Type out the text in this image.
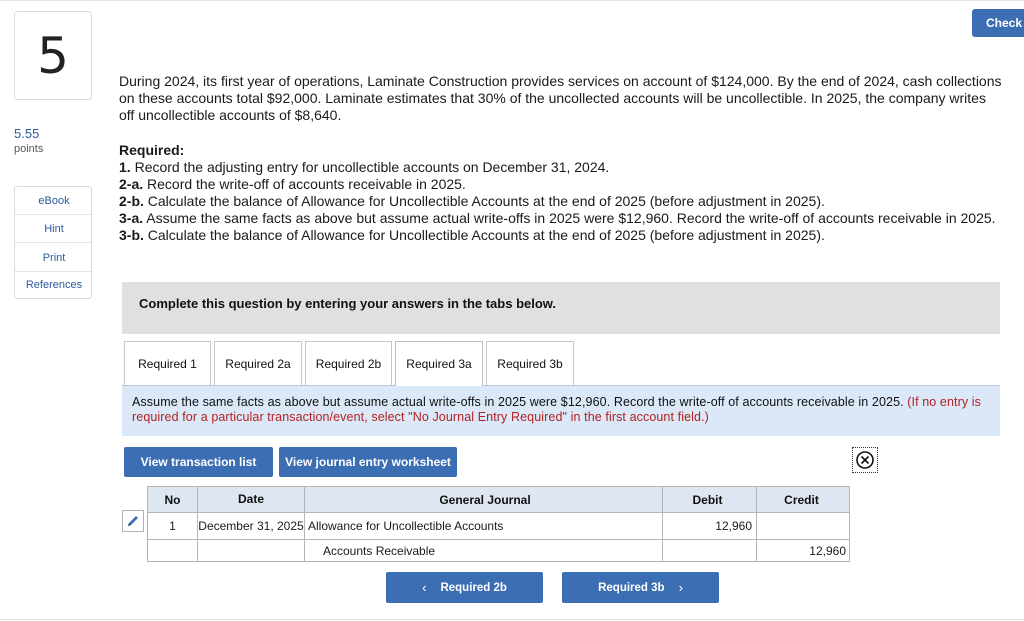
5
5.55
points
eBook
Hint
Print
References
Check
During 2024, its first year of operations, Laminate Construction provides services on account of $124,000. By the end of 2024, cash collections on these accounts total $92,000. Laminate estimates that 30% of the uncollected accounts will be uncollectible. In 2025, the company writes off uncollectible accounts of $8,640.
Required:
1. Record the adjusting entry for uncollectible accounts on December 31, 2024.
2-a. Record the write-off of accounts receivable in 2025.
2-b. Calculate the balance of Allowance for Uncollectible Accounts at the end of 2025 (before adjustment in 2025).
3-a. Assume the same facts as above but assume actual write-offs in 2025 were $12,960. Record the write-off of accounts receivable in 2025.
3-b. Calculate the balance of Allowance for Uncollectible Accounts at the end of 2025 (before adjustment in 2025).
Complete this question by entering your answers in the tabs below.
Required 1	Required 2a	Required 2b	Required 3a	Required 3b
Assume the same facts as above but assume actual write-offs in 2025 were $12,960. Record the write-off of accounts receivable in 2025. (If no entry is required for a particular transaction/event, select "No Journal Entry Required" in the first account field.)
View transaction list	View journal entry worksheet
No	Date	General Journal	Debit	Credit
1	December 31, 2025	Allowance for Uncollectible Accounts	12,960	
		Accounts Receivable		12,960
‹ Required 2b	Required 3b ›
